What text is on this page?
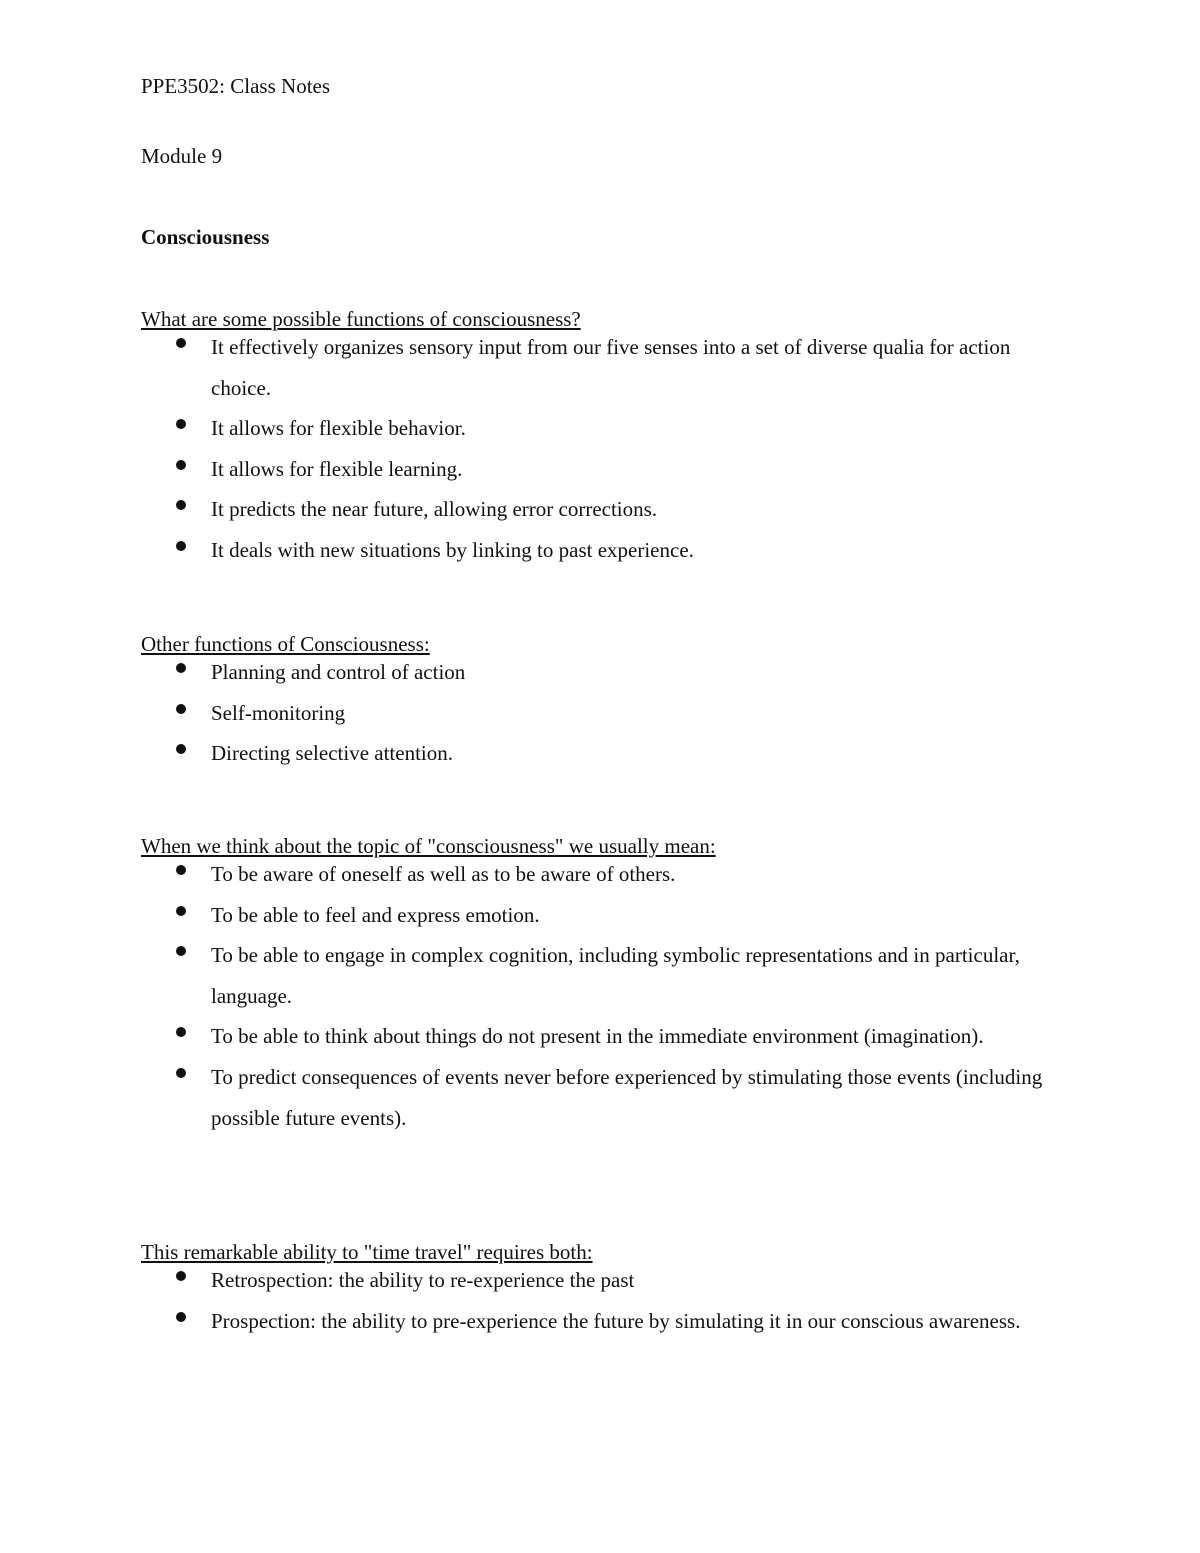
PPE3502: Class Notes
Module 9
Consciousness
What are some possible functions of consciousness?
It effectively organizes sensory input from our five senses into a set of diverse qualia for action choice.
It allows for flexible behavior.
It allows for flexible learning.
It predicts the near future, allowing error corrections.
It deals with new situations by linking to past experience.
Other functions of Consciousness:
Planning and control of action
Self-monitoring
Directing selective attention.
When we think about the topic of "consciousness" we usually mean:
To be aware of oneself as well as to be aware of others.
To be able to feel and express emotion.
To be able to engage in complex cognition, including symbolic representations and in particular, language.
To be able to think about things do not present in the immediate environment (imagination).
To predict consequences of events never before experienced by stimulating those events (including possible future events).
This remarkable ability to "time travel" requires both:
Retrospection: the ability to re-experience the past
Prospection: the ability to pre-experience the future by simulating it in our conscious awareness.
